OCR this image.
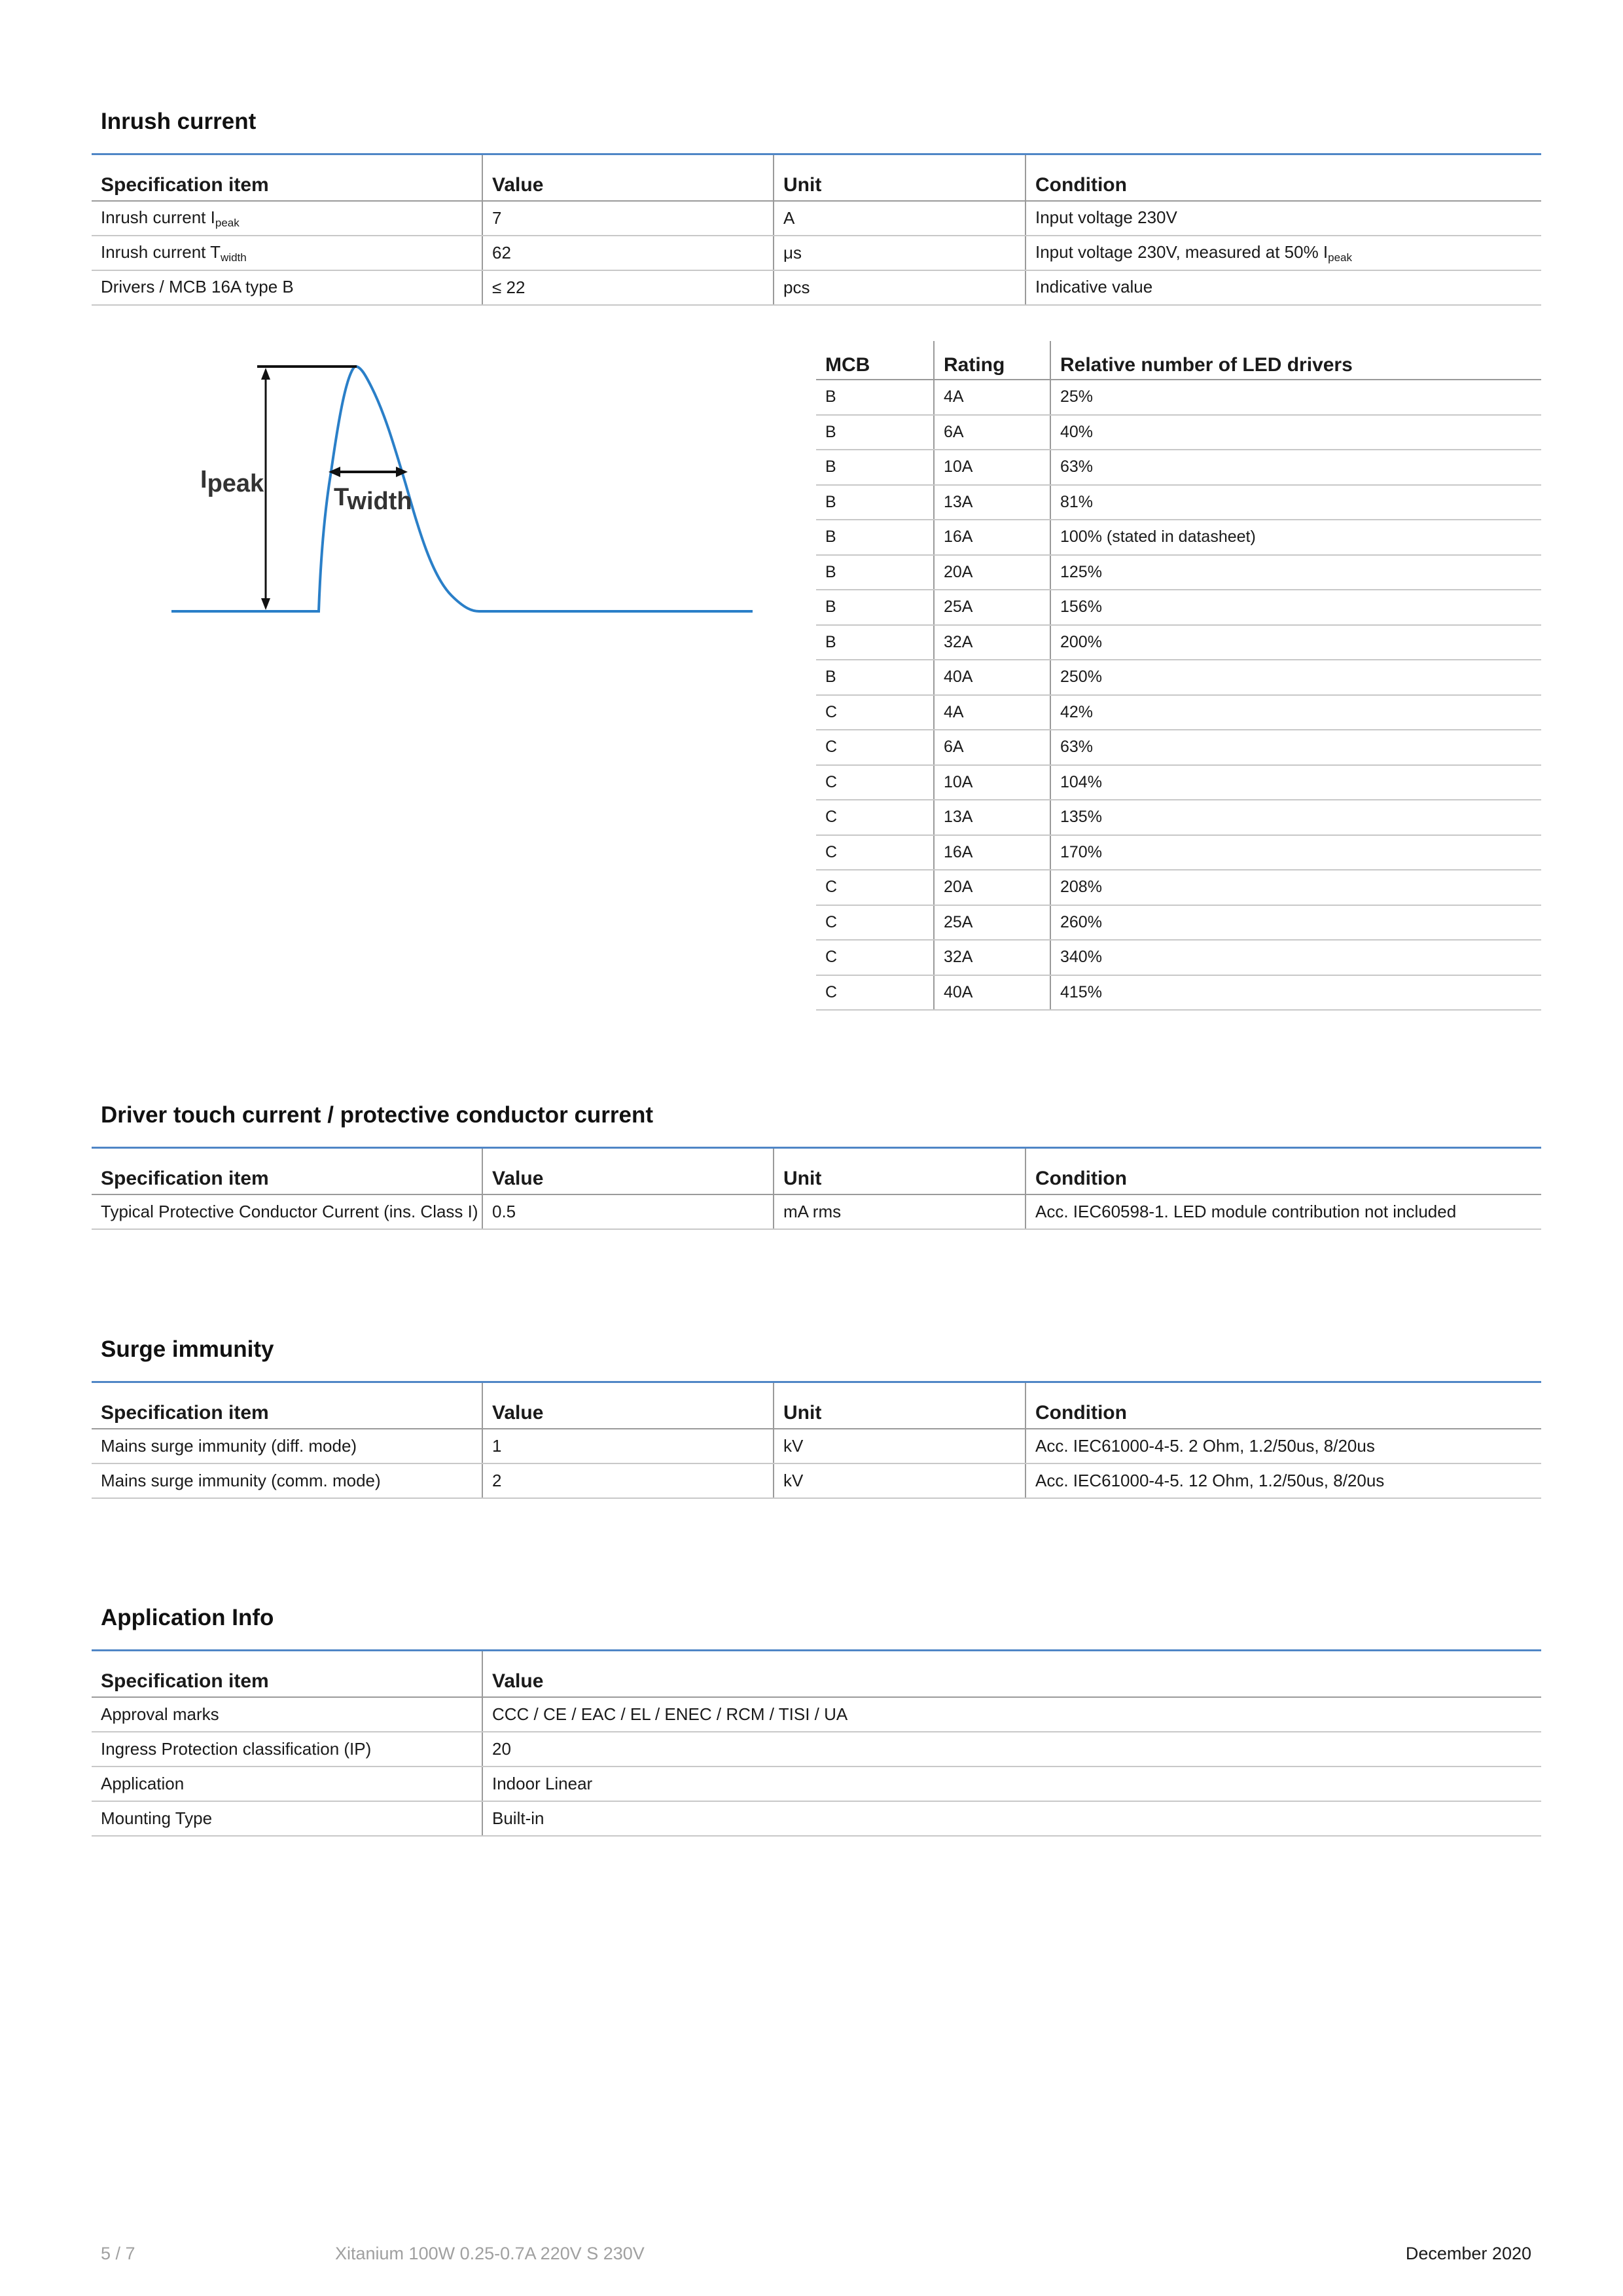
Inrush current
Specification item	Value	Unit	Condition
Inrush current $I_{peak}$	7	A	Input voltage 230V
Inrush current $T_{width}$	62	μs	Input voltage 230V, measured at 50% $I_{peak}$
Drivers / MCB 16A type B	≤ 22	pcs	Indicative value
Ipeak	Twidth
MCB	Rating	Relative number of LED drivers
B	4A	25%
B	6A	40%
B	10A	63%
B	13A	81%
B	16A	100% (stated in datasheet)
B	20A	125%
B	25A	156%
B	32A	200%
B	40A	250%
C	4A	42%
C	6A	63%
C	10A	104%
C	13A	135%
C	16A	170%
C	20A	208%
C	25A	260%
C	32A	340%
C	40A	415%
Driver touch current / protective conductor current
Specification item	Value	Unit	Condition
Typical Protective Conductor Current (ins. Class I)	0.5	mA rms	Acc. IEC60598-1. LED module contribution not included
Surge immunity
Specification item	Value	Unit	Condition
Mains surge immunity (diff. mode)	1	kV	Acc. IEC61000-4-5. 2 Ohm, 1.2/50us, 8/20us
Mains surge immunity (comm. mode)	2	kV	Acc. IEC61000-4-5. 12 Ohm, 1.2/50us, 8/20us
Application Info
Specification item	Value
Approval marks	CCC / CE / EAC / EL / ENEC / RCM / TISI / UA
Ingress Protection classification (IP)	20
Application	Indoor Linear
Mounting Type	Built-in
5 / 7	Xitanium 100W 0.25-0.7A 220V S 230V	December 2020
